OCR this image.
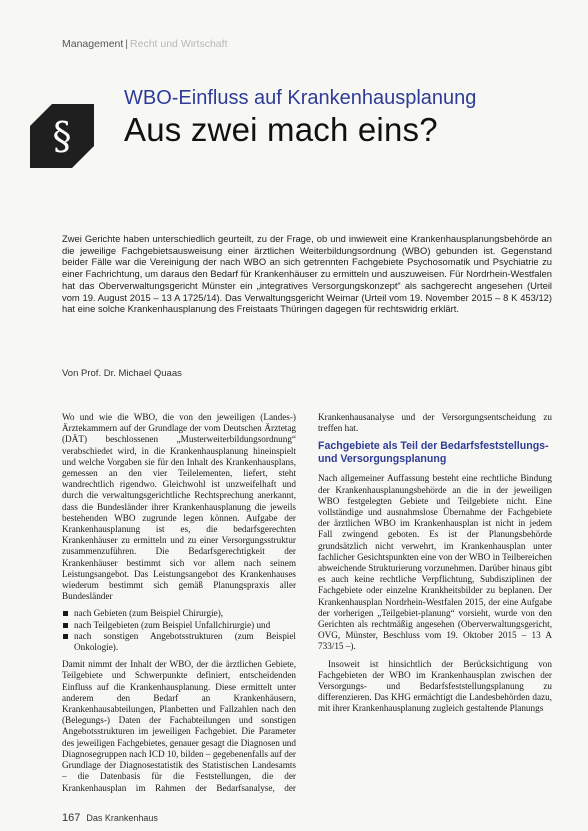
Management | Recht und Wirtschaft
§
WBO-Einfluss auf Krankenhausplanung
Aus zwei mach eins?
Zwei Gerichte haben unterschiedlich geurteilt, zu der Frage, ob und inwieweit eine Krankenhausplanungsbehörde an die jeweilige Fachgebietsausweisung einer ärztlichen Weiterbildungsordnung (WBO) gebunden ist. Gegenstand beider Fälle war die Vereinigung der nach WBO an sich getrennten Fachgebiete Psychosomatik und Psychiatrie zu einer Fachrichtung, um daraus den Bedarf für Krankenhäuser zu ermitteln und auszuweisen. Für Nordrhein-Westfalen hat das Oberverwaltungsgericht Münster ein „integratives Versorgungskonzept“ als sachgerecht angesehen (Urteil vom 19. August 2015 – 13 A 1725/14). Das Verwaltungsgericht Weimar (Urteil vom 19. November 2015 – 8 K 453/12) hat eine solche Krankenhausplanung des Freistaats Thüringen dagegen für rechtswidrig erklärt.
Von Prof. Dr. Michael Quaas

Wo und wie die WBO, die von den jeweiligen (Landes-) Ärztekammern auf der Grundlage der vom Deutschen Ärztetag (DÄT) beschlossenen „Musterweiterbildungsordnung“ verabschiedet wird, in die Krankenhausplanung hineinspielt und welche Vorgaben sie für den Inhalt des Krankenhausplans, gemessen an den vier Teilelementen, liefert, steht wandrechtlich rigendwo. Gleichwohl ist unzweifelhaft und durch die verwaltungsgerichtliche Rechtsprechung anerkannt, dass die Bundesländer ihrer Krankenhausplanung die jeweils bestehenden WBO zugrunde legen können. Aufgabe der Krankenhausplanung ist es, die bedarfsgerechten Krankenhäuser zu ermitteln und zu einer Versorgungsstruktur zusammenzuführen. Die Bedarfsgerechtigkeit der Krankenhäuser bestimmt sich vor allem nach seinem Leistungsangebot. Das Leistungsangebot des Krankenhauses wiederum bestimmt sich gemäß Planungspraxis aller Bundesländer

nach Gebieten (zum Beispiel Chirurgie),
nach Teilgebieten (zum Beispiel Unfallchirurgie) und
nach sonstigen Angebotsstrukturen (zum Beispiel Onkologie).

Damit nimmt der Inhalt der WBO, der die ärztlichen Gebiete, Teilgebiete und Schwerpunkte definiert, entscheidenden Einfluss auf die Krankenhausplanung. Diese ermittelt unter anderem den Bedarf an Krankenhäusern, Krankenhausabteilungen, Planbetten und Fallzahlen nach den (Belegungs-) Daten der Fachabteilungen und sonstigen Angebotsstrukturen im jeweiligen Fachgebiet. Die Parameter des jeweiligen Fachgebietes, genauer gesagt die Diagnosen und Diagnosegruppen nach ICD 10, bilden – gegebenenfalls auf der Grundlage der Diagnosestatistik des Statistischen Landesamts – die Datenbasis für die Feststellungen, die der Krankenhausplan im Rahmen der Bedarfsanalyse, der Krankenhausanalyse und der Versorgungsentscheidung zu treffen hat.

Fachgebiete als Teil der Bedarfsfeststellungs- und Versorgungsplanung

Nach allgemeiner Auffassung besteht eine rechtliche Bindung der Krankenhausplanungsbehörde an die in der jeweiligen WBO festgelegten Gebiete und Teilgebiete nicht. Eine vollständige und ausnahmslose Übernahme der Fachgebiete der ärztlichen WBO im Krankenhausplan ist nicht in jedem Fall zwingend geboten. Es ist der Planungsbehörde grundsätzlich nicht verwehrt, im Krankenhausplan unter fachlicher Gesichtspunkten eine von der WBO in Teilbereichen abweichende Strukturierung vorzunehmen. Darüber hinaus gibt es auch keine rechtliche Verpflichtung, Subdisziplinen der Fachgebiete oder einzelne Krankheitsbilder zu beplanen. Der Krankenhausplan Nordrhein-Westfalen 2015, der eine Aufgabe der vorherigen „Teilgebiet-planung“ vorsieht, wurde von den Gerichten als rechtmäßig angesehen (Oberverwaltungsgericht, OVG, Münster, Beschluss vom 19. Oktober 2015 – 13 A 733/15 –).

Insoweit ist hinsichtlich der Berücksichtigung von Fachgebieten der WBO im Krankenhausplan zwischen der Versorgungs- und Bedarfsfeststellungsplanung zu differenzieren. Das KHG ermächtigt die Landesbehörden dazu, mit ihrer Krankenhausplanung zugleich gestaltende Planungs

167 Das Krankenhaus
